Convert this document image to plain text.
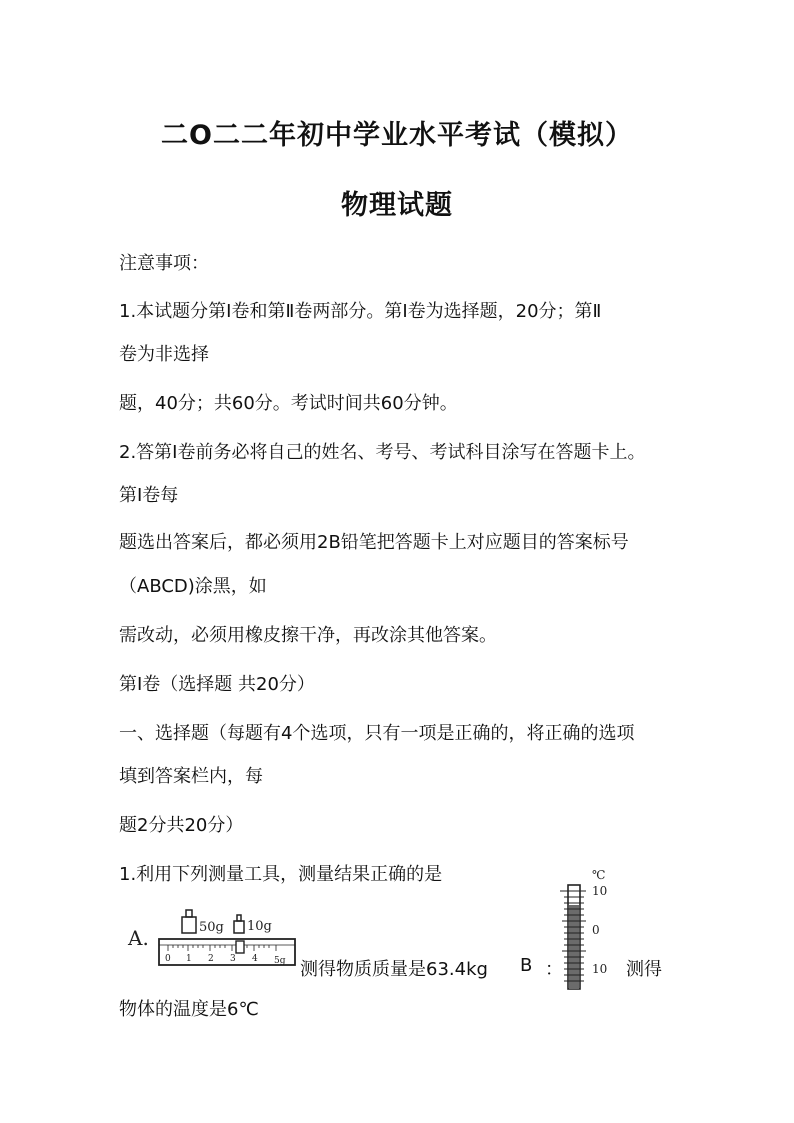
二O二二年初中学业水平考试（模拟）
物理试题
注意事项：
1.本试题分第Ⅰ卷和第Ⅱ卷两部分。第Ⅰ卷为选择题，20分；第Ⅱ
卷为非选择
题，40分；共60分。考试时间共60分钟。
2.答第Ⅰ卷前务必将自己的姓名、考号、考试科目涂写在答题卡上。
第Ⅰ卷每
题选出答案后，都必须用2B铅笔把答题卡上对应题目的答案标号
（ABCD)涂黑，如
需改动，必须用橡皮擦干净，再改涂其他答案。
第Ⅰ卷（选择题 共20分）
一、选择题（每题有4个选项，只有一项是正确的，将正确的选项
填到答案栏内，每
题2分共20分）
1.利用下列测量工具，测量结果正确的是
A.	50g 10g
0 1 2 3 4 5g 测得物质质量是63.4kg B ：
℃
10
0
10 测得
物体的温度是6℃
